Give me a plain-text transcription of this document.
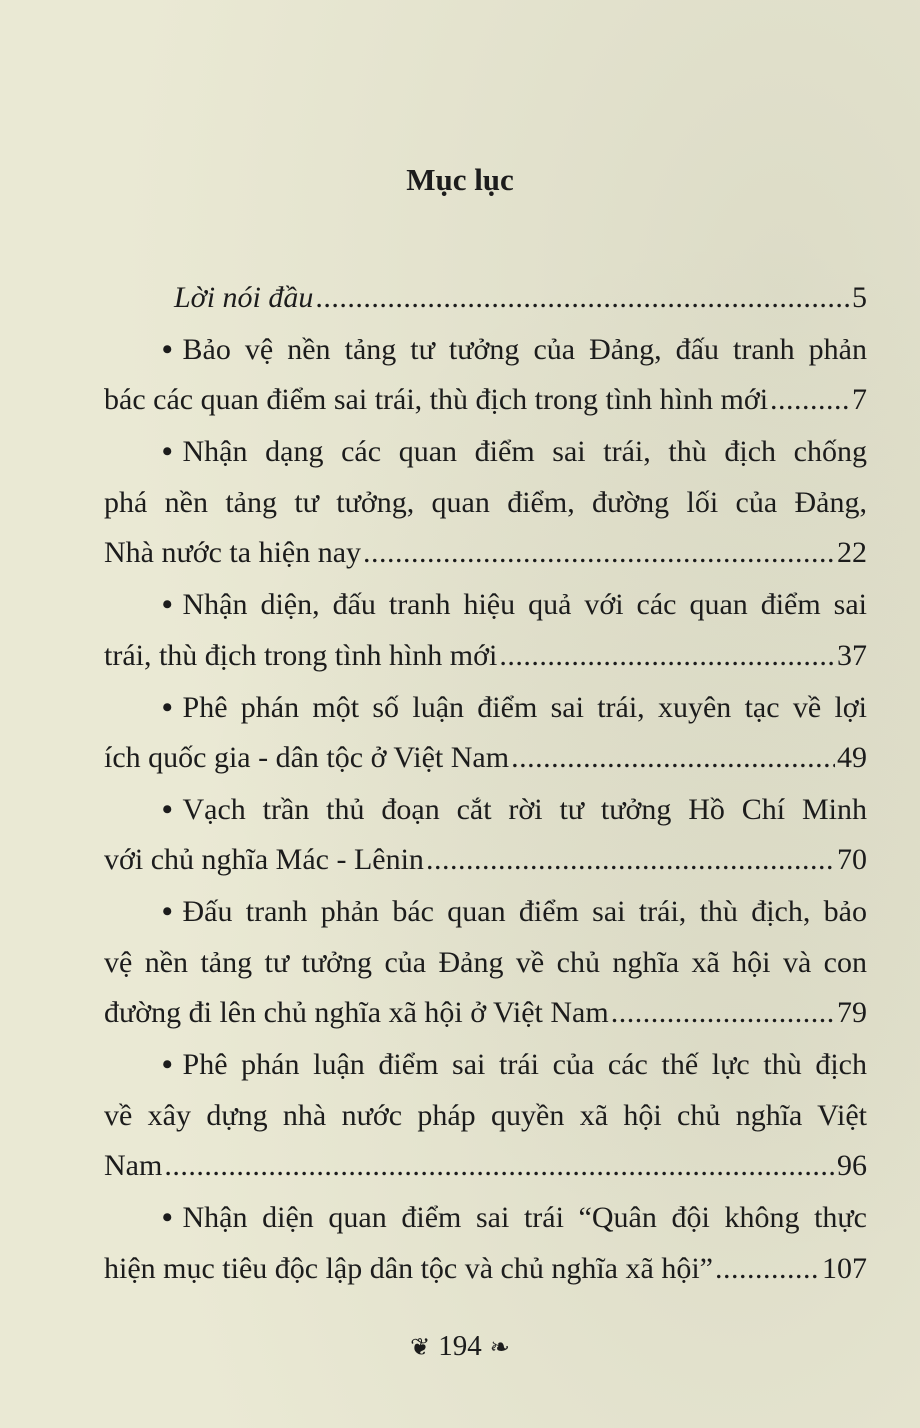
Mục lục
Lời nói đầu .....	5
• Bảo vệ nền tảng tư tưởng của Đảng, đấu tranh phản
bác các quan điểm sai trái, thù địch trong tình hình mới .....	7
• Nhận dạng các quan điểm sai trái, thù địch chống
phá nền tảng tư tưởng, quan điểm, đường lối của Đảng,
Nhà nước ta hiện nay .....	22
• Nhận diện, đấu tranh hiệu quả với các quan điểm sai
trái, thù địch trong tình hình mới .....	37
• Phê phán một số luận điểm sai trái, xuyên tạc về lợi
ích quốc gia - dân tộc ở Việt Nam .....	49
• Vạch trần thủ đoạn cắt rời tư tưởng Hồ Chí Minh
với chủ nghĩa Mác - Lênin .....	70
• Đấu tranh phản bác quan điểm sai trái, thù địch, bảo
vệ nền tảng tư tưởng của Đảng về chủ nghĩa xã hội và con
đường đi lên chủ nghĩa xã hội ở Việt Nam .....	79
• Phê phán luận điểm sai trái của các thế lực thù địch
về xây dựng nhà nước pháp quyền xã hội chủ nghĩa Việt
Nam .....	96
• Nhận diện quan điểm sai trái “Quân đội không thực
hiện mục tiêu độc lập dân tộc và chủ nghĩa xã hội” .....	107
❦ 194 ❧
